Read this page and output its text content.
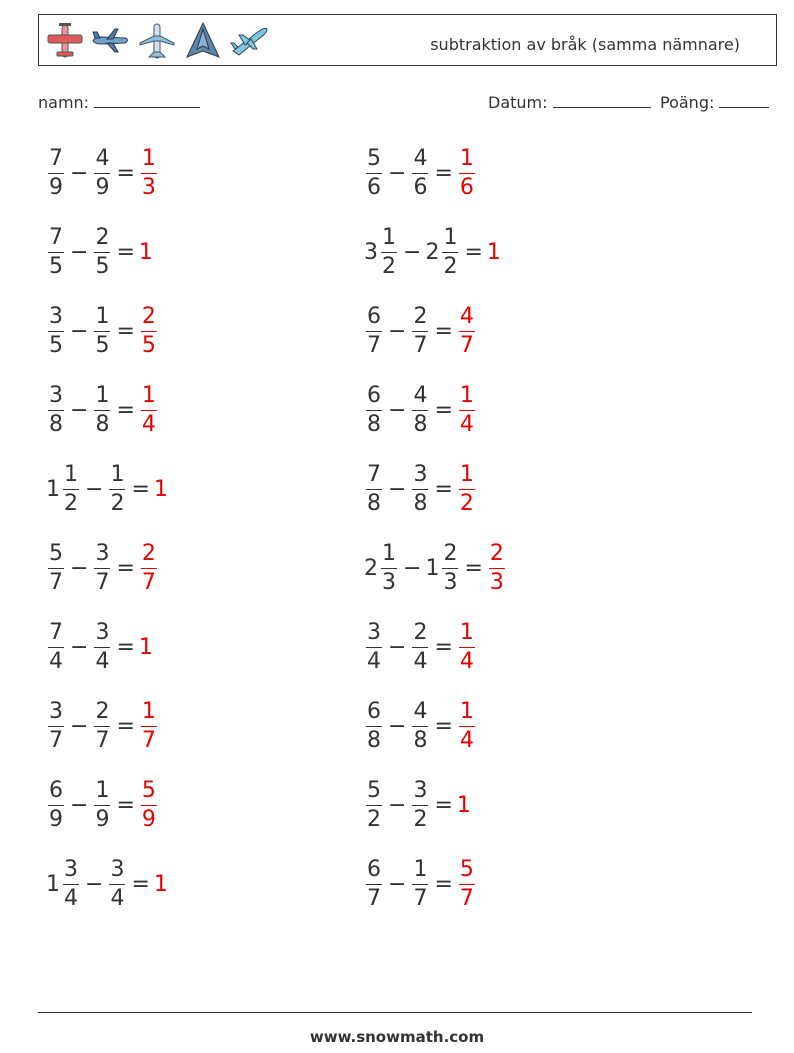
subtraktion av bråk (samma nämnare)
namn:	Datum:	Poäng:
$\frac{7}{9} - \frac{4}{9} = \frac{1}{3}$	$\frac{5}{6} - \frac{4}{6} = \frac{1}{6}$
$\frac{7}{5} - \frac{2}{5} = 1$	$3 \frac{1}{2} - 2 \frac{1}{2} = 1$
$\frac{3}{5} - \frac{1}{5} = \frac{2}{5}$	$\frac{6}{7} - \frac{2}{7} = \frac{4}{7}$
$\frac{3}{8} - \frac{1}{8} = \frac{1}{4}$	$\frac{6}{8} - \frac{4}{8} = \frac{1}{4}$
$1 \frac{1}{2} - \frac{1}{2} = 1$	$\frac{7}{8} - \frac{3}{8} = \frac{1}{2}$
$\frac{5}{7} - \frac{3}{7} = \frac{2}{7}$	$2 \frac{1}{3} - 1 \frac{2}{3} = \frac{2}{3}$
$\frac{7}{4} - \frac{3}{4} = 1$	$\frac{3}{4} - \frac{2}{4} = \frac{1}{4}$
$\frac{3}{7} - \frac{2}{7} = \frac{1}{7}$	$\frac{6}{8} - \frac{4}{8} = \frac{1}{4}$
$\frac{6}{9} - \frac{1}{9} = \frac{5}{9}$	$\frac{5}{2} - \frac{3}{2} = 1$
$1 \frac{3}{4} - \frac{3}{4} = 1$	$\frac{6}{7} - \frac{1}{7} = \frac{5}{7}$
www.snowmath.com
